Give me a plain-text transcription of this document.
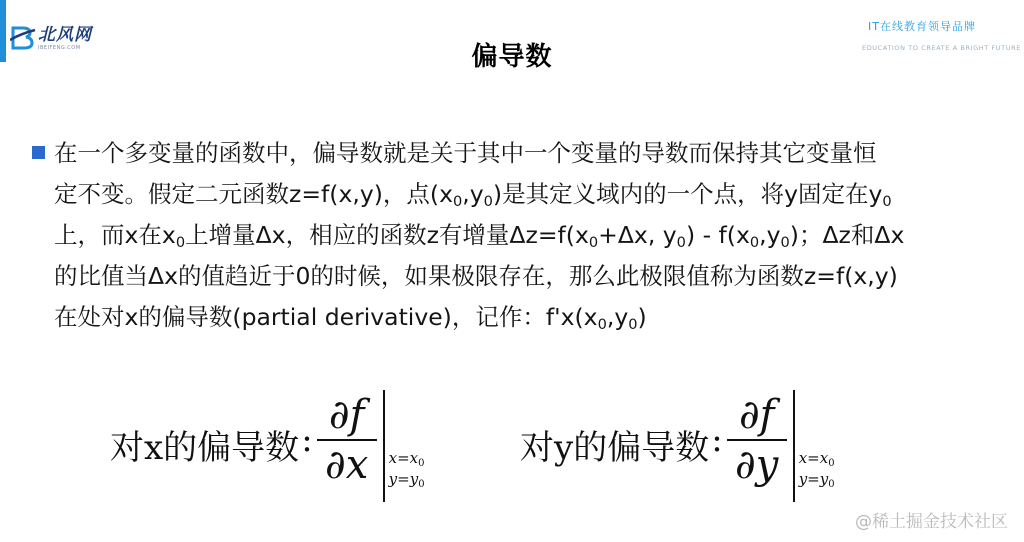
北风网
IBEIFENG.COM
IT在线教育领导品牌
EDUCATION TO CREATE A BRIGHT FUTURE
偏导数
在一个多变量的函数中，偏导数就是关于其中一个变量的导数而保持其它变量恒
定不变。假定二元函数z=f(x,y)，点$(x_0,y_0)$是其定义域内的一个点，将y固定在$y_0$
上，而x在$x_0$上增量Δx，相应的函数z有增量$\Delta z=f(x_0+\Delta x$, $y_0) - f(x_0,y_0)$；Δz和Δx
的比值当Δx的值趋近于0的时候，如果极限存在，那么此极限值称为函数z=f(x,y)
在处对x的偏导数(partial derivative)，记作：$f'x(x_0,y_0)$
对x的偏导数 : $\frac{\partial f}{\partial x} x=x_0$
$y=y_0$
对y的偏导数 : $\frac{\partial f}{\partial y} x=x_0$
$y=y_0$
@稀土掘金技术社区
